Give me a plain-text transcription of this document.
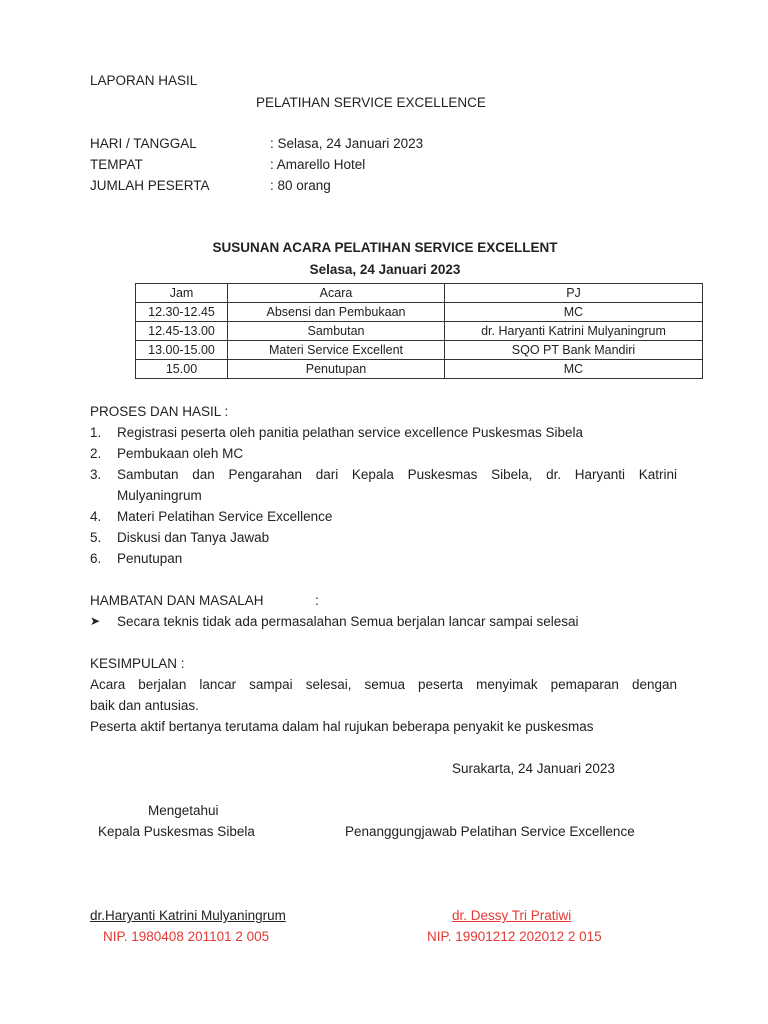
LAPORAN HASIL
PELATIHAN SERVICE EXCELLENCE
HARI / TANGGAL	: Selasa, 24 Januari 2023
TEMPAT	: Amarello Hotel
JUMLAH PESERTA	: 80 orang
SUSUNAN ACARA PELATIHAN SERVICE EXCELLENT
Selasa, 24 Januari 2023
Jam	Acara	PJ
12.30-12.45	Absensi dan Pembukaan	MC
12.45-13.00	Sambutan	dr. Haryanti Katrini Mulyaningrum
13.00-15.00	Materi Service Excellent	SQO PT Bank Mandiri
15.00	Penutupan	MC
PROSES DAN HASIL :
1. Registrasi peserta oleh panitia pelathan service excellence Puskesmas Sibela
2. Pembukaan oleh MC
3. Sambutan dan Pengarahan dari Kepala Puskesmas Sibela, dr. Haryanti Katrini
Mulyaningrum
4. Materi Pelatihan Service Excellence
5. Diskusi dan Tanya Jawab
6. Penutupan
HAMBATAN DAN MASALAH	:
➤ Secara teknis tidak ada permasalahan Semua berjalan lancar sampai selesai
KESIMPULAN :
Acara berjalan lancar sampai selesai, semua peserta menyimak pemaparan dengan
baik dan antusias.
Peserta aktif bertanya terutama dalam hal rujukan beberapa penyakit ke puskesmas
Surakarta, 24 Januari 2023
Mengetahui
Kepala Puskesmas Sibela	Penanggungjawab Pelatihan Service Excellence
dr.Haryanti Katrini Mulyaningrum
NIP. 1980408 201101 2 005
dr. Dessy Tri Pratiwi
NIP. 19901212 202012 2 015
